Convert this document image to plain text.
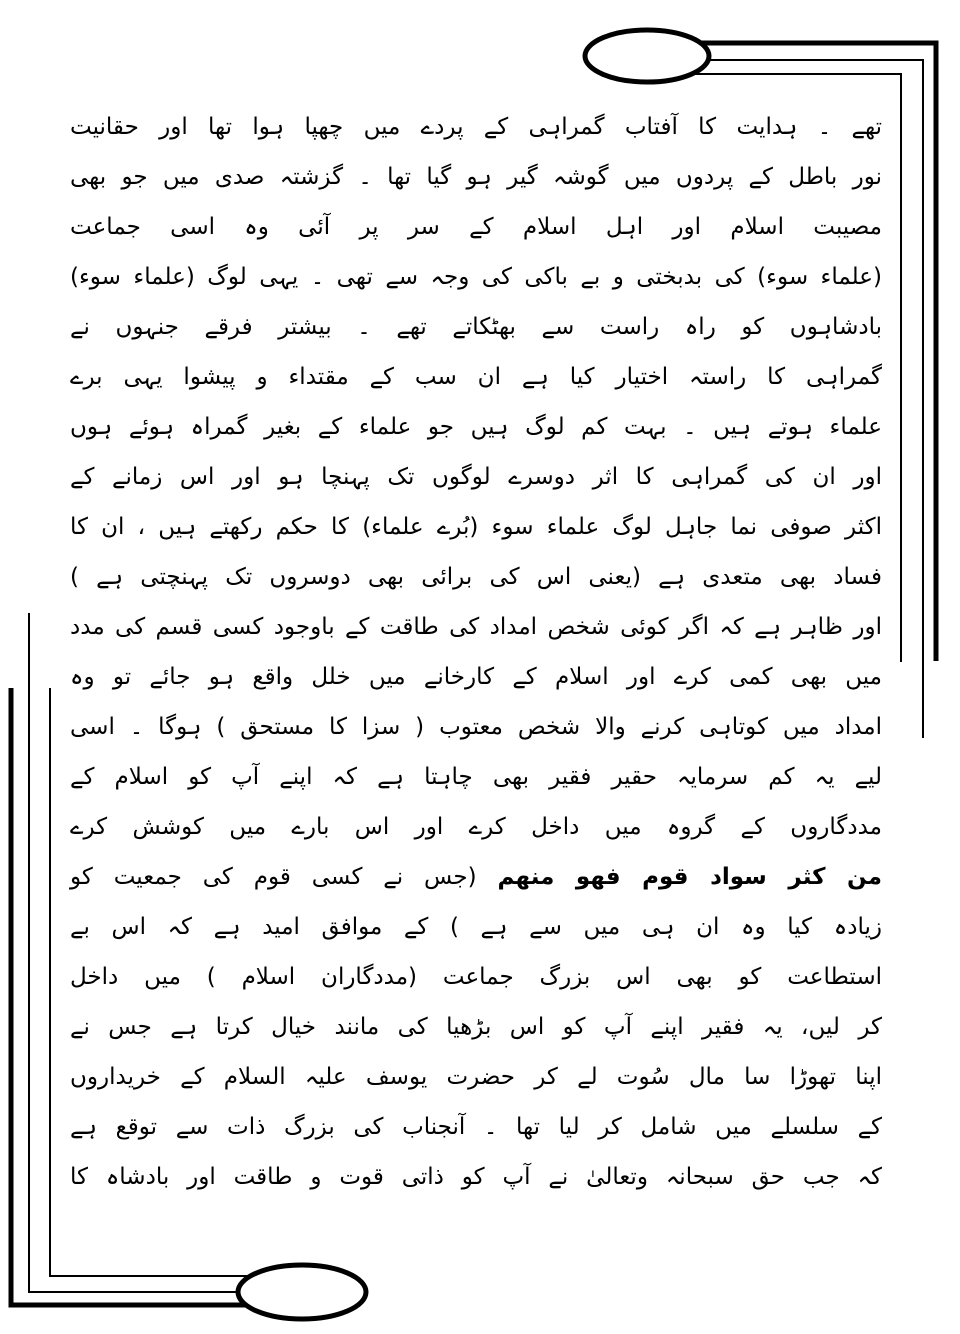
تھے ۔ ہدایت کا آفتاب گمراہی کے پردے میں چھپا ہوا تھا اور حقانیت
نور باطل کے پردوں میں گوشہ گیر ہو گیا تھا ۔ گزشتہ صدی میں جو بھی
مصیبت اسلام اور اہل اسلام کے سر پر آئی وہ اسی جماعت
(علماء سوء) کی بدبختی و بے باکی کی وجہ سے تھی ۔ یہی لوگ (علماء سوء)
بادشاہوں کو راہ راست سے بھٹکاتے تھے ۔ بیشتر فرقے جنہوں نے
گمراہی کا راستہ اختیار کیا ہے ان سب کے مقتداء و پیشوا یہی برے
علماء ہوتے ہیں ۔ بہت کم لوگ ہیں جو علماء کے بغیر گمراہ ہوئے ہوں
اور ان کی گمراہی کا اثر دوسرے لوگوں تک پہنچا ہو اور اس زمانے کے
اکثر صوفی نما جاہل لوگ علماء سوء (بُرے علماء) کا حکم رکھتے ہیں ، ان کا
فساد بھی متعدی ہے (یعنی اس کی برائی بھی دوسروں تک پہنچتی ہے )
اور ظاہر ہے کہ اگر کوئی شخص امداد کی طاقت کے باوجود کسی قسم کی مدد
میں بھی کمی کرے اور اسلام کے کارخانے میں خلل واقع ہو جائے تو وہ
امداد میں کوتاہی کرنے والا شخص معتوب ( سزا کا مستحق ) ہوگا ۔ اسی
لیے یہ کم سرمایہ حقیر فقیر بھی چاہتا ہے کہ اپنے آپ کو اسلام کے
مددگاروں کے گروہ میں داخل کرے اور اس بارے میں کوشش کرے
من کثر سواد قوم فهو منهم (جس نے کسی قوم کی جمعیت کو
زیادہ کیا وہ ان ہی میں سے ہے ) کے موافق امید ہے کہ اس بے
استطاعت کو بھی اس بزرگ جماعت (مددگاران اسلام ) میں داخل
کر لیں، یہ فقیر اپنے آپ کو اس بڑھیا کی مانند خیال کرتا ہے جس نے
اپنا تھوڑا سا مال سُوت لے کر حضرت یوسف علیہ السلام کے خریداروں
کے سلسلے میں شامل کر لیا تھا ۔ آنجناب کی بزرگ ذات سے توقع ہے
کہ جب حق سبحانہ وتعالیٰ نے آپ کو ذاتی قوت و طاقت اور بادشاہ کا
